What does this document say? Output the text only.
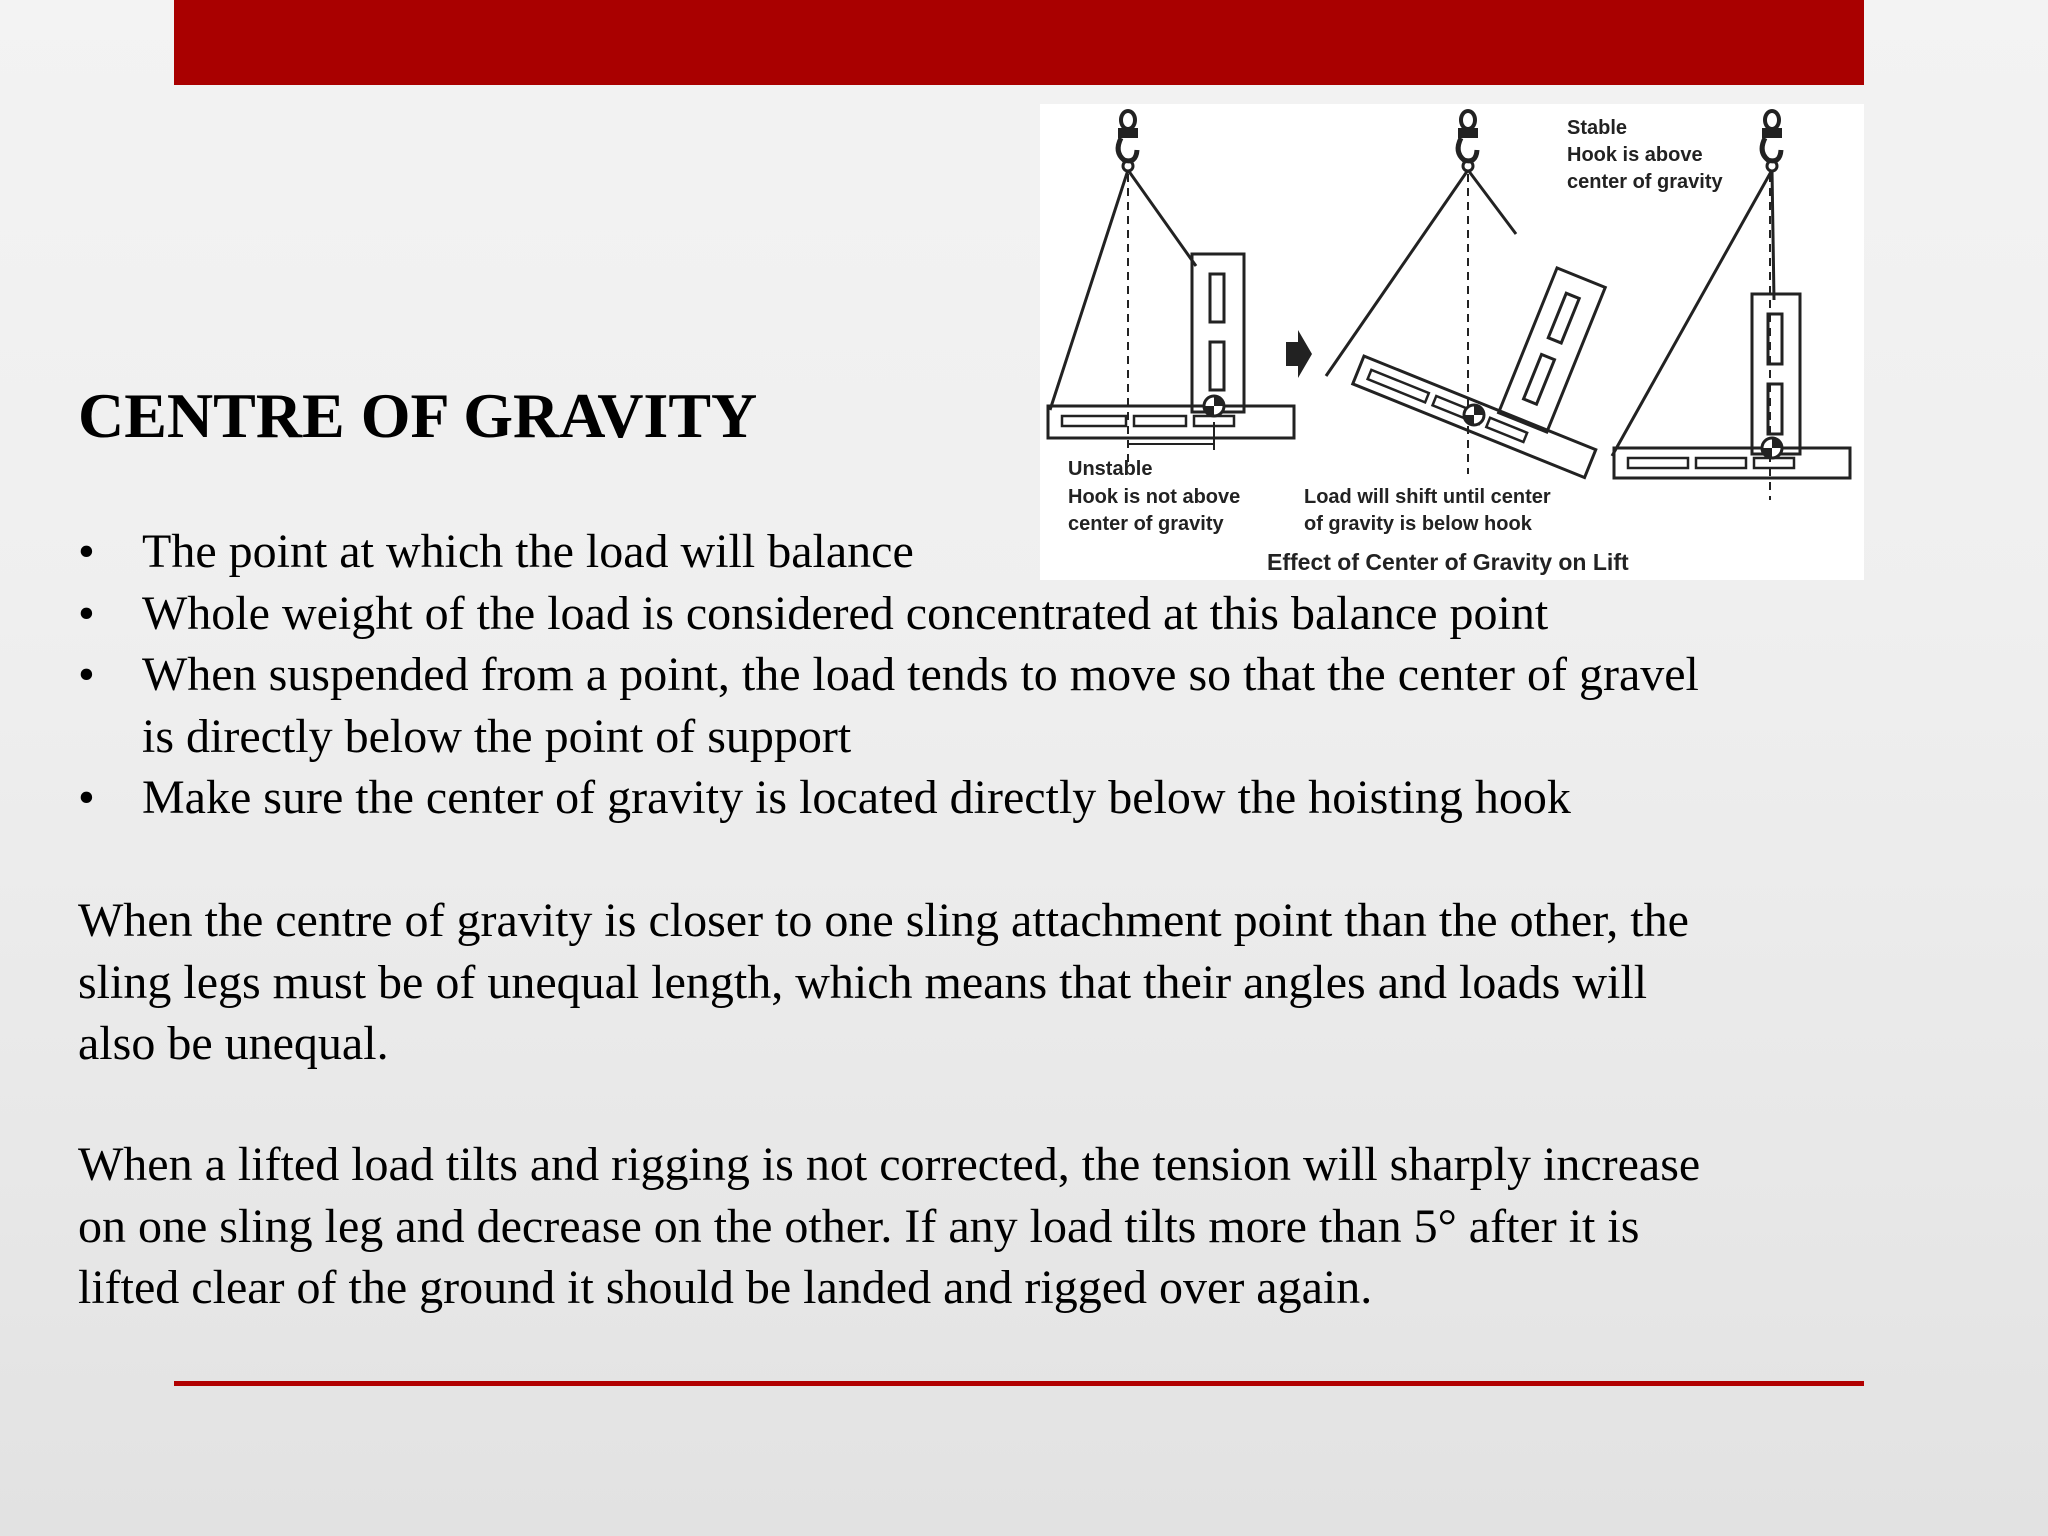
Unstable Hook is not above center of gravity
Load will shift until center of gravity is below hook
Stable Hook is above center of gravity
Effect of Center of Gravity on Lift
CENTRE OF GRAVITY
• The point at which the load will balance
• Whole weight of the load is considered concentrated at this balance point
• When suspended from a point, the load tends to move so that the center of gravel
is directly below the point of support
• Make sure the center of gravity is located directly below the hoisting hook

When the centre of gravity is closer to one sling attachment point than the other, the
sling legs must be of unequal length, which means that their angles and loads will
also be unequal.

When a lifted load tilts and rigging is not corrected, the tension will sharply increase
on one sling leg and decrease on the other. If any load tilts more than 5° after it is
lifted clear of the ground it should be landed and rigged over again.
